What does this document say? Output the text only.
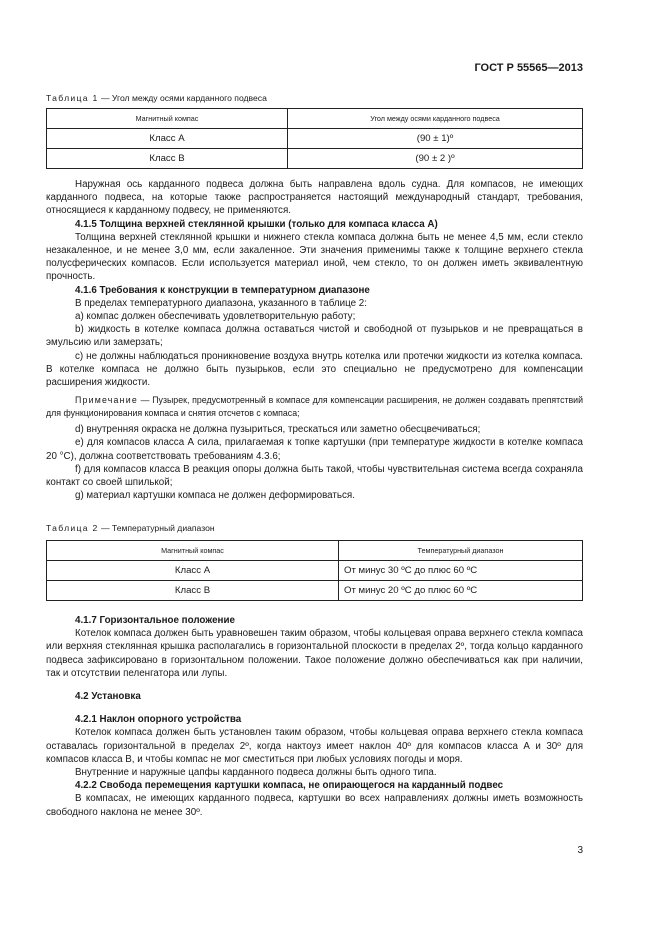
ГОСТ Р 55565—2013
Таблица 1 — Угол между осями карданного подвеса
Магнитный компас	Угол между осями карданного подвеса
Класс А	(90 ± 1)º
Класс В	(90 ± 2 )º

Наружная ось карданного подвеса должна быть направлена вдоль судна. Для компасов, не имеющих карданного подвеса, на которые также распространяется настоящий международный стандарт, требования, относящиеся к карданному подвесу, не применяются.

4.1.5 Толщина верхней стеклянной крышки (только для компаса класса А)

Толщина верхней стеклянной крышки и нижнего стекла компаса должна быть не менее 4,5 мм, если стекло незакаленное, и не менее 3,0 мм, если закаленное. Эти значения применимы также к толщине верхнего стекла полусферических компасов. Если используется материал иной, чем стекло, то он должен иметь эквивалентную прочность.

4.1.6 Требования к конструкции в температурном диапазоне

В пределах температурного диапазона, указанного в таблице 2:

а) компас должен обеспечивать удовлетворительную работу;

b) жидкость в котелке компаса должна оставаться чистой и свободной от пузырьков и не превращаться в эмульсию или замерзать;

c) не должны наблюдаться проникновение воздуха внутрь котелка или протечки жидкости из котелка компаса. В котелке компаса не должно быть пузырьков, если это специально не предусмотрено для компенсации расширения жидкости.

Примечание — Пузырек, предусмотренный в компасе для компенсации расширения, не должен создавать препятствий для функционирования компаса и снятия отсчетов с компаса;

d) внутренняя окраска не должна пузыриться, трескаться или заметно обесцвечиваться;

e) для компасов класса А сила, прилагаемая к топке картушки (при температуре жидкости в котелке компаса 20 °С), должна соответствовать требованиям 4.3.6;

f) для компасов класса В реакция опоры должна быть такой, чтобы чувствительная система всегда сохраняла контакт со своей шпилькой;

g) материал картушки компаса не должен деформироваться.

Таблица 2 — Температурный диапазон
Магнитный компас	Температурный диапазон
Класс А	От минус 30 ºС до плюс 60 ºС
Класс В	От минус 20 ºС до плюс 60 ºС

4.1.7 Горизонтальное положение

Котелок компаса должен быть уравновешен таким образом, чтобы кольцевая оправа верхнего стекла компаса или верхняя стеклянная крышка располагались в горизонтальной плоскости в пределах 2º, тогда кольцо карданного подвеса зафиксировано в горизонтальном положении. Такое положение должно обеспечиваться как при наличии, так и отсутствии пеленгатора или лупы.

4.2 Установка

4.2.1 Наклон опорного устройства

Котелок компаса должен быть установлен таким образом, чтобы кольцевая оправа верхнего стекла компаса оставалась горизонтальной в пределах 2º, когда нактоуз имеет наклон 40º для компасов класса А и 30º для компасов класса В, и чтобы компас не мог сместиться при любых условиях погоды и моря.

Внутренние и наружные цапфы карданного подвеса должны быть одного типа.

4.2.2 Свобода перемещения картушки компаса, не опирающегося на карданный подвес

В компасах, не имеющих карданного подвеса, картушки во всех направлениях должны иметь возможность свободного наклона не менее 30º.

3
